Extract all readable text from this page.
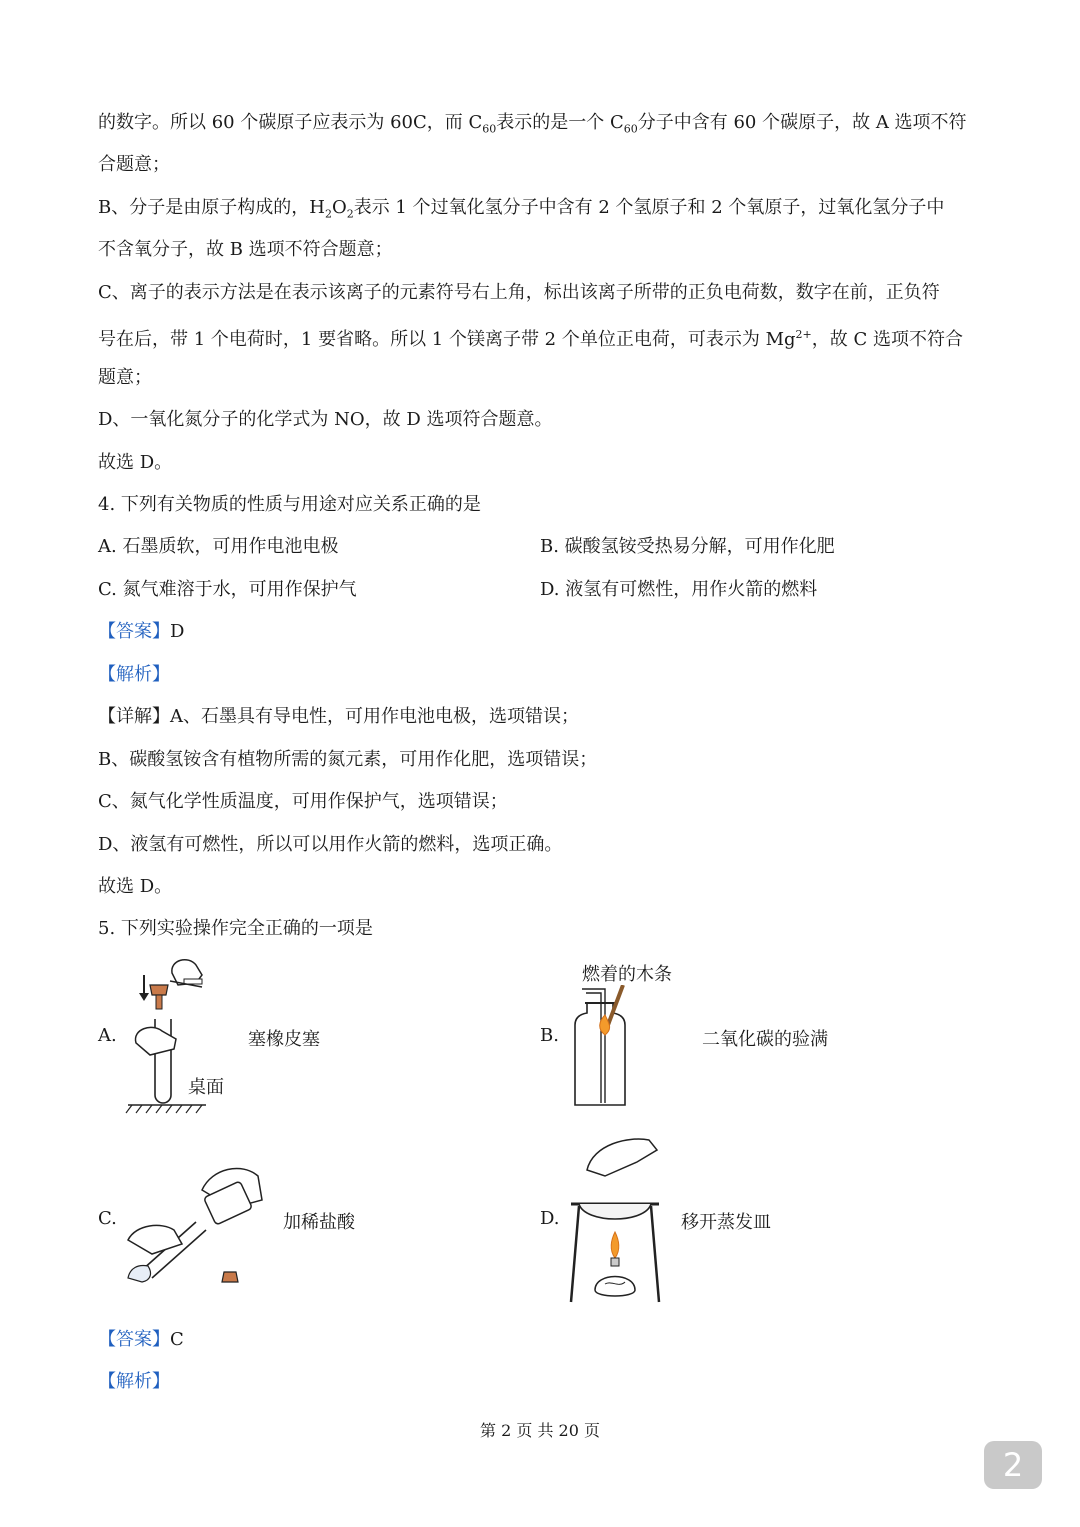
的数字。所以 60 个碳原子应表示为 60C，而 $C_{60}$表示的是一个 $C_{60}$分子中含有 60 个碳原子，故 A 选项不符
合题意；
B、分子是由原子构成的，$H_2O_2$表示 1 个过氧化氢分子中含有 2 个氢原子和 2 个氧原子，过氧化氢分子中
不含氧分子，故 B 选项不符合题意；
C、离子的表示方法是在表示该离子的元素符号右上角，标出该离子所带的正负电荷数，数字在前，正负符
号在后，带 1 个电荷时，1 要省略。所以 1 个镁离子带 2 个单位正电荷，可表示为 $Mg^{2+}$，故 C 选项不符合
题意；
D、一氧化氮分子的化学式为 NO，故 D 选项符合题意。
故选 D。
4. 下列有关物质的性质与用途对应关系正确的是
A. 石墨质软，可用作电池电极	B. 碳酸氢铵受热易分解，可用作化肥
C. 氮气难溶于水，可用作保护气	D. 液氢有可燃性，用作火箭的燃料
【答案】D
【解析】
【详解】A、石墨具有导电性，可用作电池电极，选项错误；
B、碳酸氢铵含有植物所需的氮元素，可用作化肥，选项错误；
C、氮气化学性质温度，可用作保护气，选项错误；
D、液氢有可燃性，所以可以用作火箭的燃料，选项正确。
故选 D。
5. 下列实验操作完全正确的一项是
A.
桌面
塞橡皮塞	B.
燃着的木条
二氧化碳的验满
C.	加稀盐酸	D.	移开蒸发皿
【答案】C
【解析】
第 2 页 共 20 页
2
